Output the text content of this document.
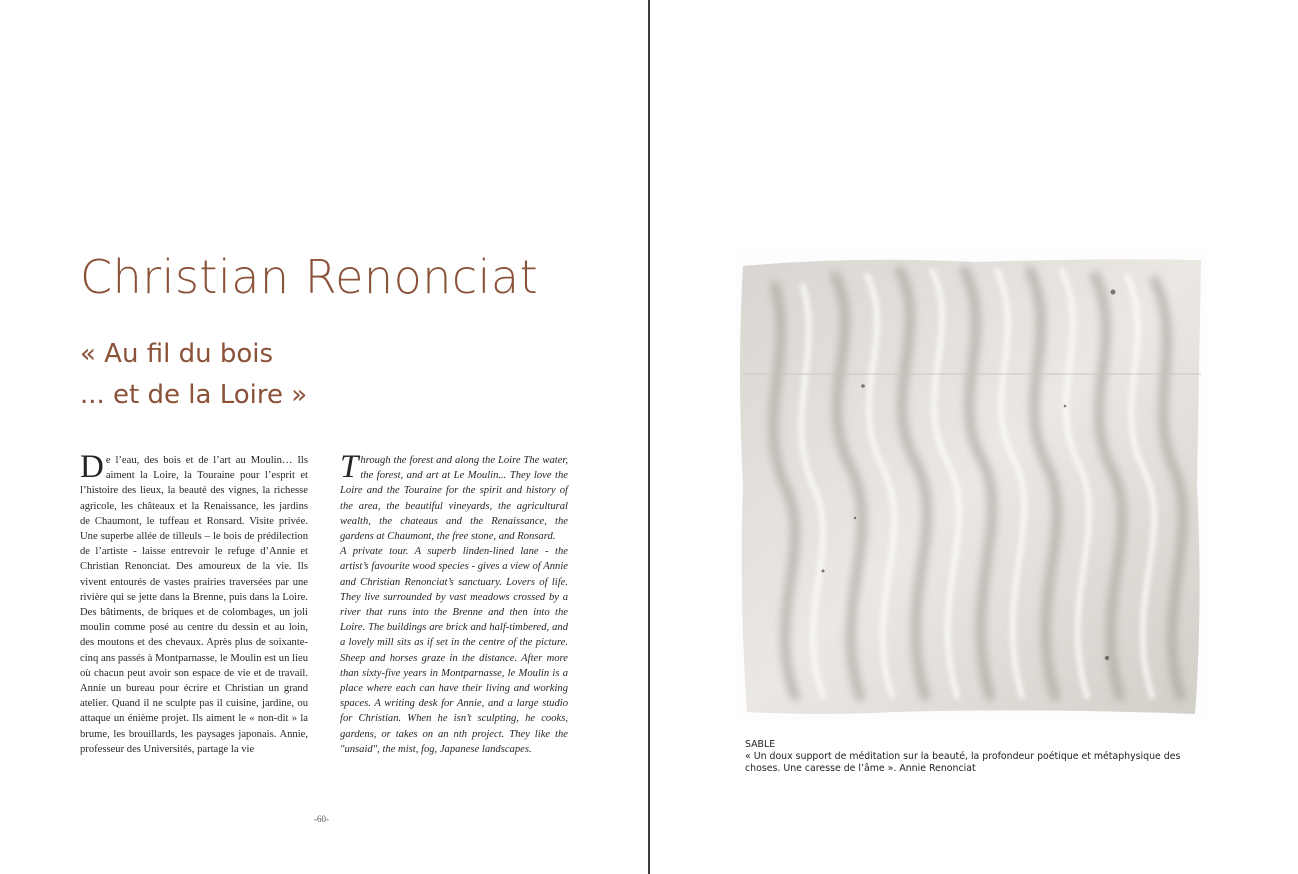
Christian Renonciat
« Au fil du bois
... et de la Loire »

De l’eau, des bois et de l’art au Moulin… Ils aiment la Loire, la Touraine pour l’esprit et l’histoire des lieux, la beauté des vignes, la richesse agricole, les châteaux et la Renaissance, les jardins de Chaumont, le tuffeau et Ronsard. Visite privée. Une superbe allée de tilleuls – le bois de prédilection de l’artiste - laisse entrevoir le refuge d’Annie et Christian Renonciat. Des amoureux de la vie. Ils vivent entourés de vastes prairies traversées par une rivière qui se jette dans la Brenne, puis dans la Loire. Des bâtiments, de briques et de colombages, un joli moulin comme posé au centre du dessin et au loin, des moutons et des chevaux. Après plus de soixante-cinq ans passés à Montparnasse, le Moulin est un lieu où chacun peut avoir son espace de vie et de travail. Annie un bureau pour écrire et Christian un grand atelier. Quand il ne sculpte pas il cuisine, jardine, ou attaque un énième projet. Ils aiment le « non-dit » la brume, les brouillards, les paysages japonais. Annie, professeur des Universités, partage la vie

Through the forest and along the Loire The water, the forest, and art at Le Moulin... They love the Loire and the Touraine for the spirit and history of the area, the beautiful vineyards, the agricultural wealth, the chateaus and the Renaissance, the gardens at Chaumont, the free stone, and Ronsard.

A private tour. A superb linden-lined lane - the artist’s favourite wood species - gives a view of Annie and Christian Renonciat’s sanctuary. Lovers of life. They live surrounded by vast meadows crossed by a river that runs into the Brenne and then into the Loire. The buildings are brick and half-timbered, and a lovely mill sits as if set in the centre of the picture. Sheep and horses graze in the distance. After more than sixty-five years in Montparnasse, le Moulin is a place where each can have their living and working spaces. A writing desk for Annie, and a large studio for Christian. When he isn’t sculpting, he cooks, gardens, or takes on an nth project. They like the "unsaid", the mist, fog, Japanese landscapes.

-60-

SABLE

« Un doux support de méditation sur la beauté, la profondeur poétique et métaphysique des choses. Une caresse de l’âme ». Annie Renonciat
